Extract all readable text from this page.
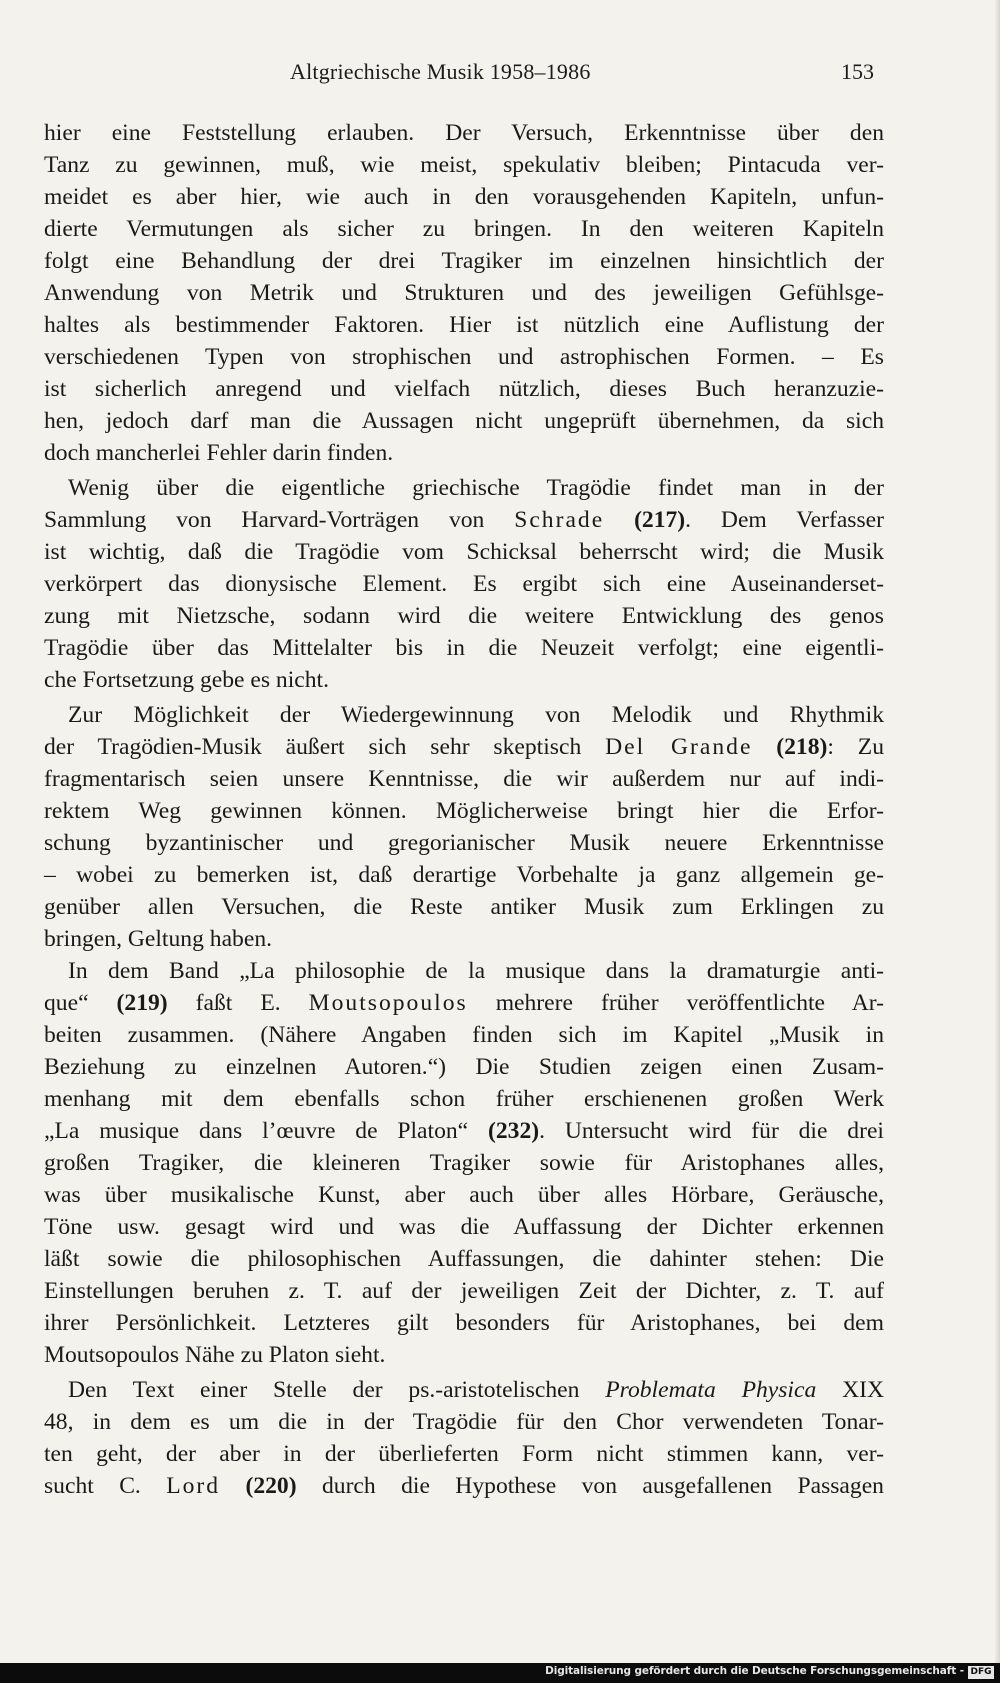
Altgriechische Musik 1958–1986	153
hier eine Feststellung erlauben. Der Versuch, Erkenntnisse über den
Tanz zu gewinnen, muß, wie meist, spekulativ bleiben; Pintacuda ver-
meidet es aber hier, wie auch in den vorausgehenden Kapiteln, unfun-
dierte Vermutungen als sicher zu bringen. In den weiteren Kapiteln
folgt eine Behandlung der drei Tragiker im einzelnen hinsichtlich der
Anwendung von Metrik und Strukturen und des jeweiligen Gefühlsge-
haltes als bestimmender Faktoren. Hier ist nützlich eine Auflistung der
verschiedenen Typen von strophischen und astrophischen Formen. – Es
ist sicherlich anregend und vielfach nützlich, dieses Buch heranzuzie-
hen, jedoch darf man die Aussagen nicht ungeprüft übernehmen, da sich
doch mancherlei Fehler darin finden.
Wenig über die eigentliche griechische Tragödie findet man in der
Sammlung von Harvard-Vorträgen von Schrade (217). Dem Verfasser
ist wichtig, daß die Tragödie vom Schicksal beherrscht wird; die Musik
verkörpert das dionysische Element. Es ergibt sich eine Auseinanderset-
zung mit Nietzsche, sodann wird die weitere Entwicklung des genos
Tragödie über das Mittelalter bis in die Neuzeit verfolgt; eine eigentli-
che Fortsetzung gebe es nicht.
Zur Möglichkeit der Wiedergewinnung von Melodik und Rhythmik
der Tragödien-Musik äußert sich sehr skeptisch Del Grande (218): Zu
fragmentarisch seien unsere Kenntnisse, die wir außerdem nur auf indi-
rektem Weg gewinnen können. Möglicherweise bringt hier die Erfor-
schung byzantinischer und gregorianischer Musik neuere Erkenntnisse
– wobei zu bemerken ist, daß derartige Vorbehalte ja ganz allgemein ge-
genüber allen Versuchen, die Reste antiker Musik zum Erklingen zu
bringen, Geltung haben.
In dem Band „La philosophie de la musique dans la dramaturgie anti-
que“ (219) faßt E. Moutsopoulos mehrere früher veröffentlichte Ar-
beiten zusammen. (Nähere Angaben finden sich im Kapitel „Musik in
Beziehung zu einzelnen Autoren.“) Die Studien zeigen einen Zusam-
menhang mit dem ebenfalls schon früher erschienenen großen Werk
„La musique dans l’œuvre de Platon“ (232). Untersucht wird für die drei
großen Tragiker, die kleineren Tragiker sowie für Aristophanes alles,
was über musikalische Kunst, aber auch über alles Hörbare, Geräusche,
Töne usw. gesagt wird und was die Auffassung der Dichter erkennen
läßt sowie die philosophischen Auffassungen, die dahinter stehen: Die
Einstellungen beruhen z. T. auf der jeweiligen Zeit der Dichter, z. T. auf
ihrer Persönlichkeit. Letzteres gilt besonders für Aristophanes, bei dem
Moutsopoulos Nähe zu Platon sieht.
Den Text einer Stelle der ps.-aristotelischen Problemata Physica XIX
48, in dem es um die in der Tragödie für den Chor verwendeten Tonar-
ten geht, der aber in der überlieferten Form nicht stimmen kann, ver-
sucht C. Lord (220) durch die Hypothese von ausgefallenen Passagen
Digitalisierung gefördert durch die Deutsche Forschungsgemeinschaft - DFG
